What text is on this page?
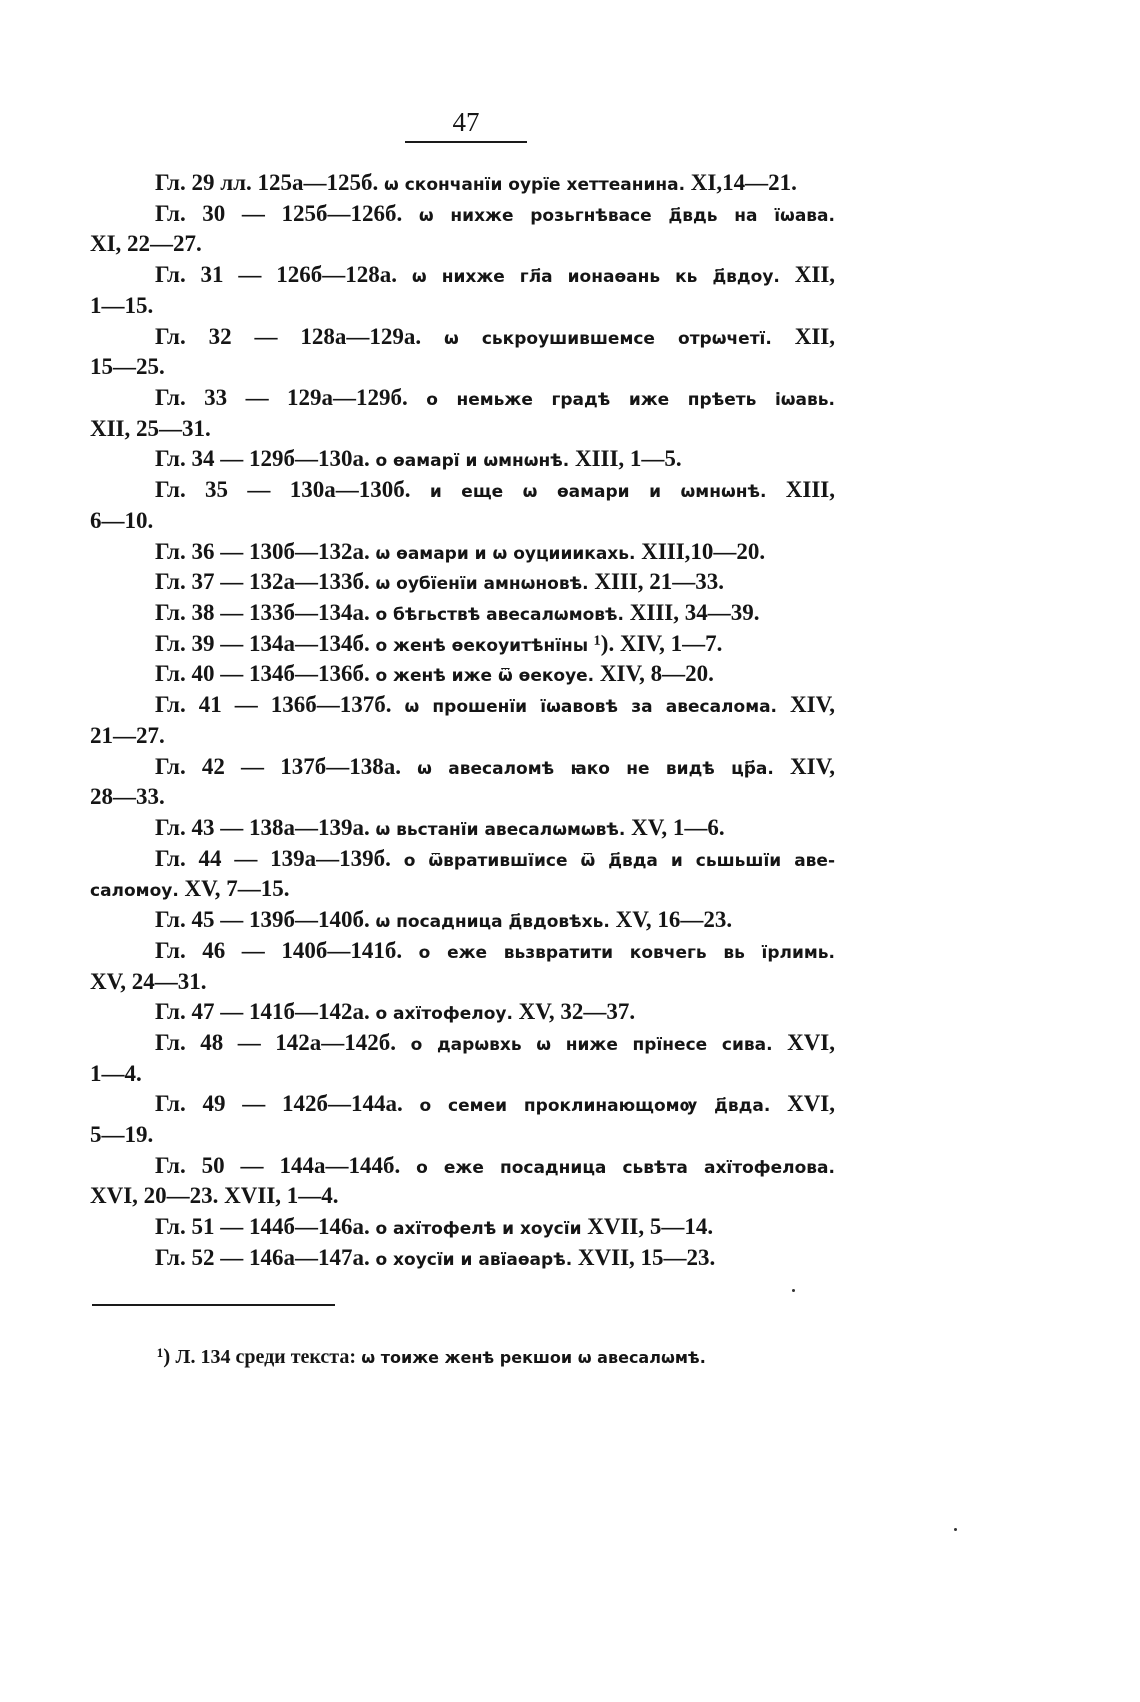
47
Гл. 29 лл. 125а—125б. ѡ скончанїи оурїе хеттеанина. XI,14—21.
Гл. 30 — 125б—126б. ѡ нихже розьгнѣвасе д҃вдь на їѡава.
XI, 22—27.
Гл. 31 — 126б—128а. ѡ нихже гл҃а ионаѳань кь д҃вдоу. XII,
1—15.
Гл. 32 — 128а—129а. ѡ ськроушившемсе отрѡчетї. XII,
15—25.
Гл. 33 — 129а—129б. о немьже градѣ иже прѣеть іѡавь.
XII, 25—31.
Гл. 34 — 129б—130а. о ѳамарї и ѡмнѡнѣ. XIII, 1—5.
Гл. 35 — 130а—130б. и еще ѡ ѳамари и ѡмнѡнѣ. XIII,
6—10.
Гл. 36 — 130б—132а. ѡ ѳамари и ѡ оуцииикахь. XIII,10—20.
Гл. 37 — 132а—133б. ѡ оубїенїи амнѡновѣ. XIII, 21—33.
Гл. 38 — 133б—134а. о бѣгьствѣ авесалѡмовѣ. XIII, 34—39.
Гл. 39 — 134а—134б. о женѣ ѳекоуитѣнїны ¹). XIV, 1—7.
Гл. 40 — 134б—136б. о женѣ иже ѿ ѳекоуе. XIV, 8—20.
Гл. 41 — 136б—137б. ѡ прошенїи їѡавовѣ за авесалома. XIV,
21—27.
Гл. 42 — 137б—138а. ѡ авесаломѣ ꙗко не видѣ цр҃а. XIV,
28—33.
Гл. 43 — 138а—139а. ѡ вьстанїи авесалѡмѡвѣ. XV, 1—6.
Гл. 44 — 139а—139б. о ѿвратившїисе ѿ д҃вда и сьшьшїи аве-
саломоу. XV, 7—15.
Гл. 45 — 139б—140б. ѡ посадница д҃вдовѣхь. XV, 16—23.
Гл. 46 — 140б—141б. о еже вьзвратити ковчегь вь їрлимь.
XV, 24—31.
Гл. 47 — 141б—142а. о ахїтофелоу. XV, 32—37.
Гл. 48 — 142а—142б. о дарѡвхь ѡ ниже прїнесе сива. XVI,
1—4.
Гл. 49 — 142б—144а. о семеи проклинающомѹ д҃вда. XVI,
5—19.
Гл. 50 — 144а—144б. о еже посадница сьвѣта ахїтофелова.
XVI, 20—23. XVII, 1—4.
Гл. 51 — 144б—146а. о ахїтофелѣ и хоусїи XVII, 5—14.
Гл. 52 — 146а—147а. о хоусїи и авїаѳарѣ. XVII, 15—23.
¹) Л. 134 среди текста: ѡ тоиже женѣ рекшои ѡ авесалѡмѣ.
